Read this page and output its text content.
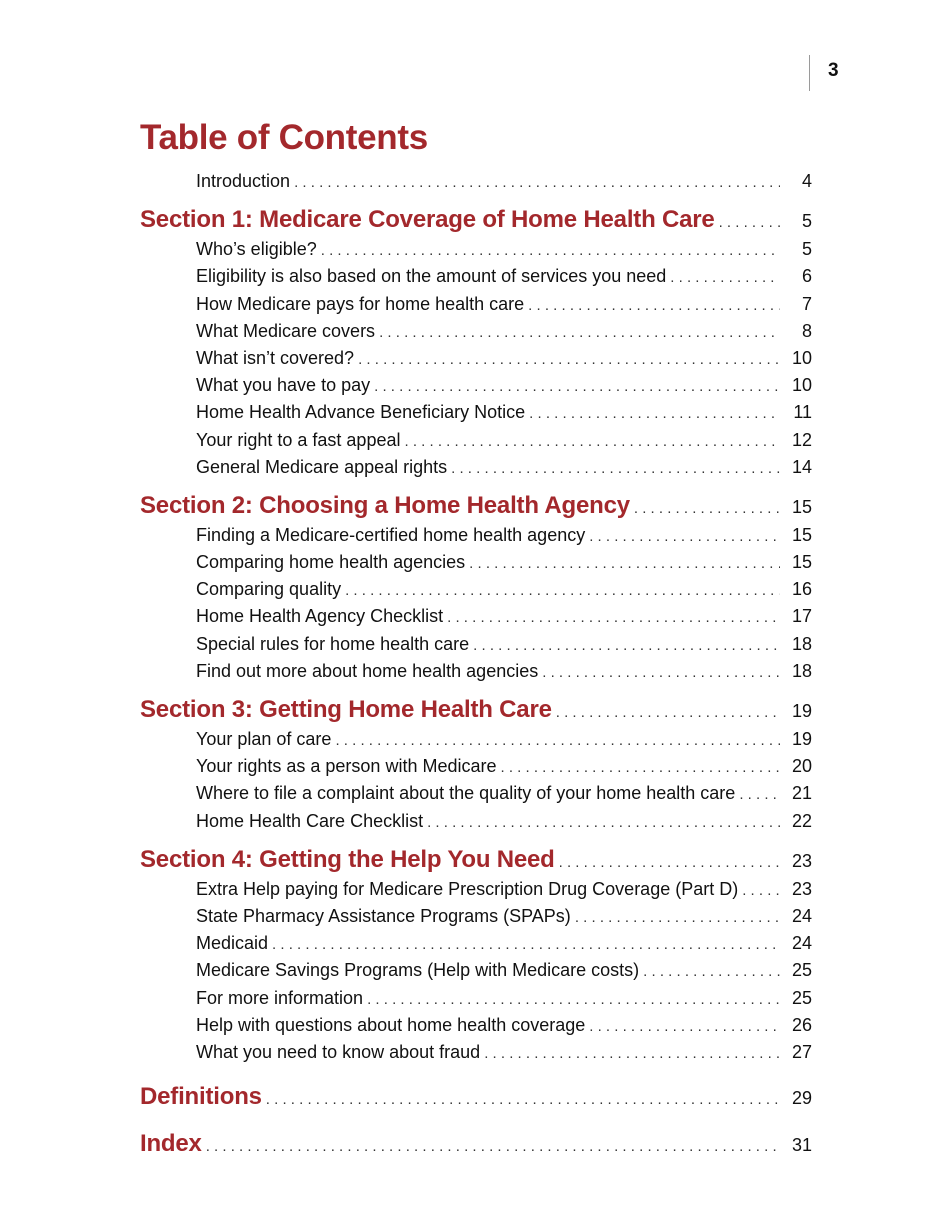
3
Table of Contents
Introduction . . .	4
Section 1: Medicare Coverage of Home Health Care . . .	5
Who’s eligible? . . .	5
Eligibility is also based on the amount of services you need . . .	6
How Medicare pays for home health care . . .	7
What Medicare covers . . .	8
What isn’t covered? . . .	10
What you have to pay . . .	10
Home Health Advance Beneficiary Notice . . .	11
Your right to a fast appeal . . .	12
General Medicare appeal rights . . .	14
Section 2: Choosing a Home Health Agency . . .	15
Finding a Medicare-certified home health agency . . .	15
Comparing home health agencies . . .	15
Comparing quality . . .	16
Home Health Agency Checklist . . .	17
Special rules for home health care . . .	18
Find out more about home health agencies . . .	18
Section 3: Getting Home Health Care . . .	19
Your plan of care . . .	19
Your rights as a person with Medicare . . .	20
Where to file a complaint about the quality of your home health care . . .	21
Home Health Care Checklist . . .	22
Section 4: Getting the Help You Need . . .	23
Extra Help paying for Medicare Prescription Drug Coverage (Part D) . . .	23
State Pharmacy Assistance Programs (SPAPs) . . .	24
Medicaid . . .	24
Medicare Savings Programs (Help with Medicare costs) . . .	25
For more information . . .	25
Help with questions about home health coverage . . .	26
What you need to know about fraud . . .	27
Definitions . . .	29
Index . . .	31
